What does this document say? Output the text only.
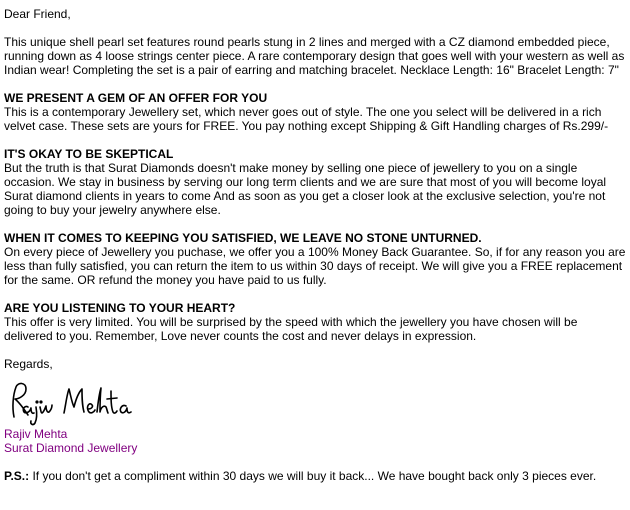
Dear Friend,

This unique shell pearl set features round pearls stung in 2 lines and merged with a CZ diamond embedded piece, running down as 4 loose strings center piece. A rare contemporary design that goes well with your western as well as Indian wear! Completing the set is a pair of earring and matching bracelet. Necklace Length: 16" Bracelet Length: 7"

WE PRESENT A GEM OF AN OFFER FOR YOU

This is a contemporary Jewellery set, which never goes out of style. The one you select will be delivered in a rich velvet case. These sets are yours for FREE. You pay nothing except Shipping & Gift Handling charges of Rs.299/-

IT'S OKAY TO BE SKEPTICAL

But the truth is that Surat Diamonds doesn't make money by selling one piece of jewellery to you on a single occasion. We stay in business by serving our long term clients and we are sure that most of you will become loyal Surat diamond clients in years to come And as soon as you get a closer look at the exclusive selection, you're not going to buy your jewelry anywhere else.

WHEN IT COMES TO KEEPING YOU SATISFIED, WE LEAVE NO STONE UNTURNED.

On every piece of Jewellery you puchase, we offer you a 100% Money Back Guarantee. So, if for any reason you are less than fully satisfied, you can return the item to us within 30 days of receipt. We will give you a FREE replacement for the same. OR refund the money you have paid to us fully.

ARE YOU LISTENING TO YOUR HEART?

This offer is very limited. You will be surprised by the speed with which the jewellery you have chosen will be delivered to you. Remember, Love never counts the cost and never delays in expression.

Regards,

Rajiv Mehta

Surat Diamond Jewellery

P.S.: If you don't get a compliment within 30 days we will buy it back... We have bought back only 3 pieces ever.
